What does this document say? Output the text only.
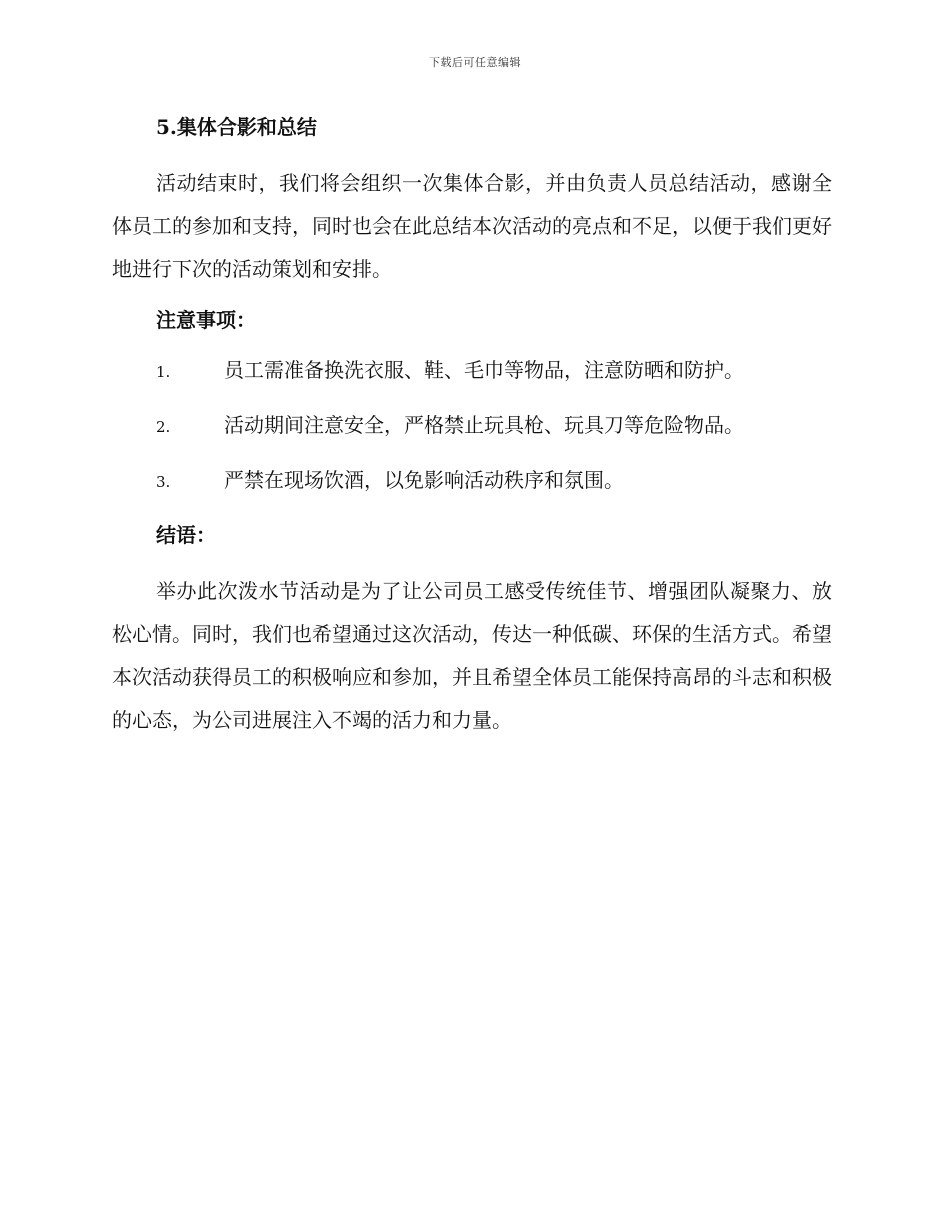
下载后可任意编辑
5.集体合影和总结

活动结束时，我们将会组织一次集体合影，并由负责人员总结活动，感谢全体员工的参加和支持，同时也会在此总结本次活动的亮点和不足，以便于我们更好地进行下次的活动策划和安排。

注意事项：
1.	员工需准备换洗衣服、鞋、毛巾等物品，注意防晒和防护。
2.	活动期间注意安全，严格禁止玩具枪、玩具刀等危险物品。
3.	严禁在现场饮酒，以免影响活动秩序和氛围。
结语：

举办此次泼水节活动是为了让公司员工感受传统佳节、增强团队凝聚力、放松心情。同时，我们也希望通过这次活动，传达一种低碳、环保的生活方式。希望本次活动获得员工的积极响应和参加，并且希望全体员工能保持高昂的斗志和积极的心态，为公司进展注入不竭的活力和力量。
